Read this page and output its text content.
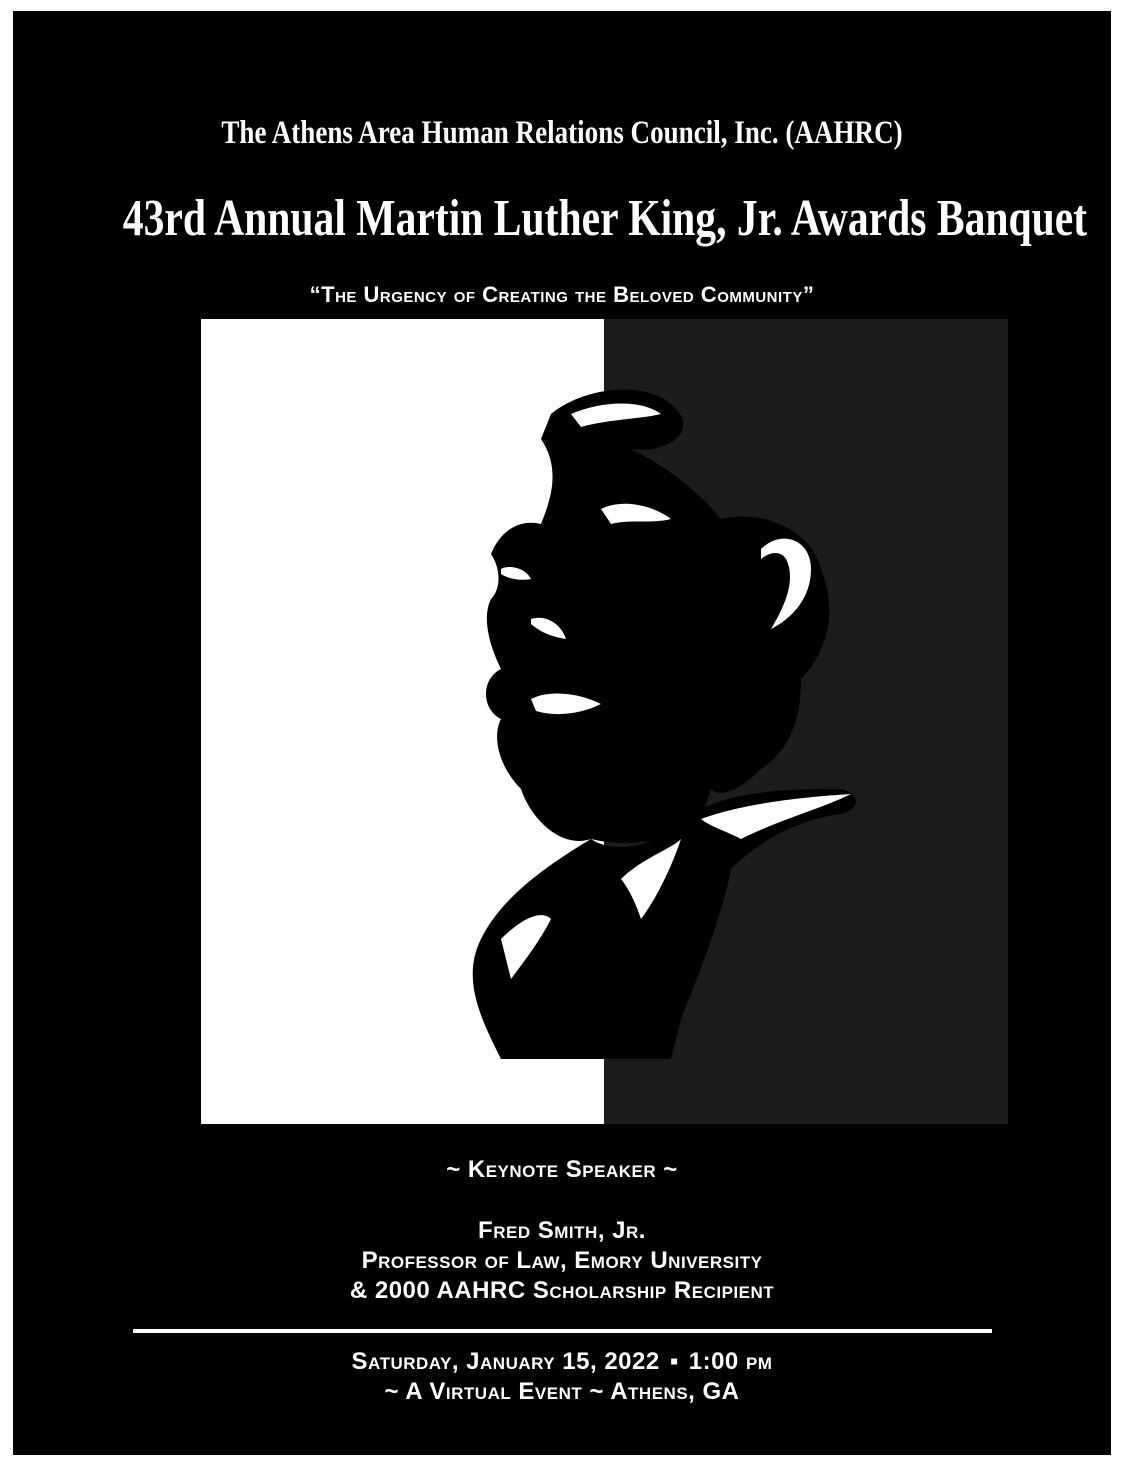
The Athens Area Human Relations Council, Inc. (AAHRC)
43rd Annual Martin Luther King, Jr. Awards Banquet
“The Urgency of Creating the Beloved Community”
~ Keynote Speaker ~
Fred Smith, Jr.
Professor of Law, Emory University
& 2000 AAHRC Scholarship Recipient
Saturday, January 15, 2022 ▪ 1:00 pm
~ A Virtual Event ~ Athens, GA
